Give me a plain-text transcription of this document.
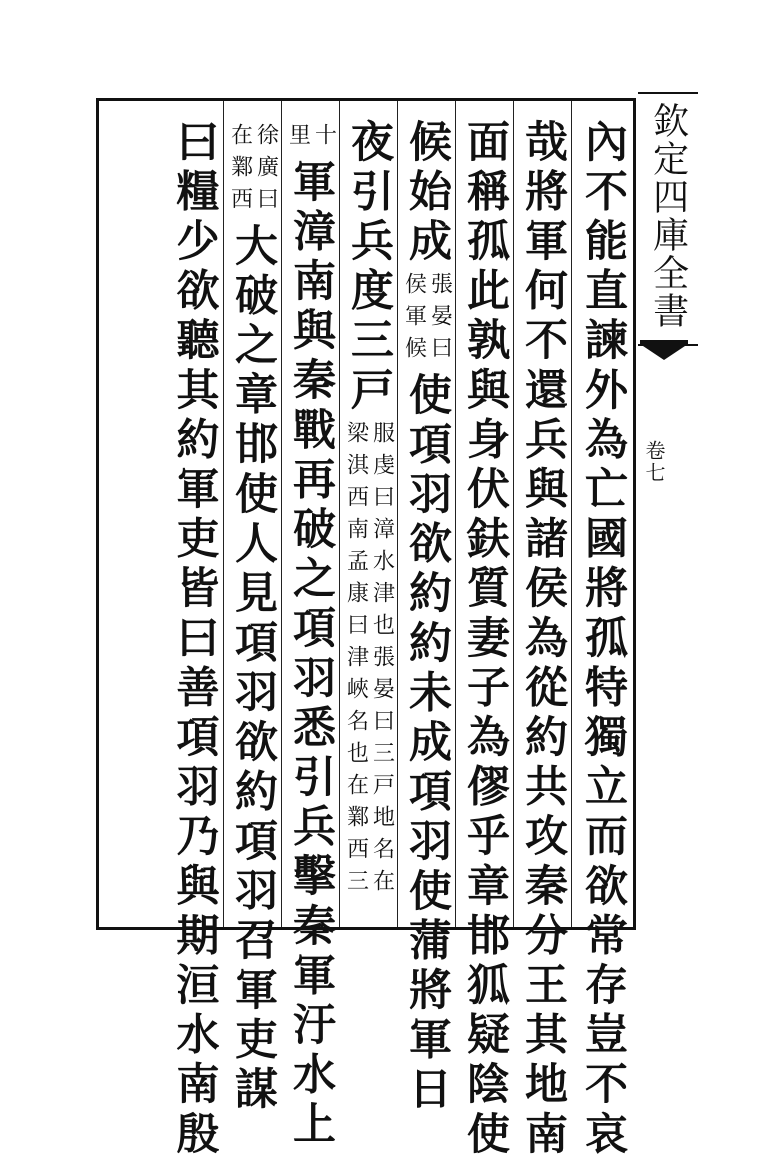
欽定四庫全書
卷七
內不能直諫外為亡國將孤特獨立而欲常存豈不哀
哉將軍何不還兵與諸侯為從約共攻秦分王其地南
面稱孤此孰與身伏鈇質妻子為僇乎章邯狐疑陰使
候始成
張晏曰
侯軍候
使項羽欲約約未成項羽使蒲將軍日
夜引兵度三戸
服虔曰漳水津也張晏曰三戸地名在
梁淇西南孟康曰津峽名也在鄴西三
十
里
軍漳南與秦戰再破之項羽悉引兵擊秦軍汙水上
徐廣曰
在鄴西
大破之章邯使人見項羽欲約項羽召軍吏謀
曰糧少欲聽其約軍吏皆曰善項羽乃與期洹水南殷
